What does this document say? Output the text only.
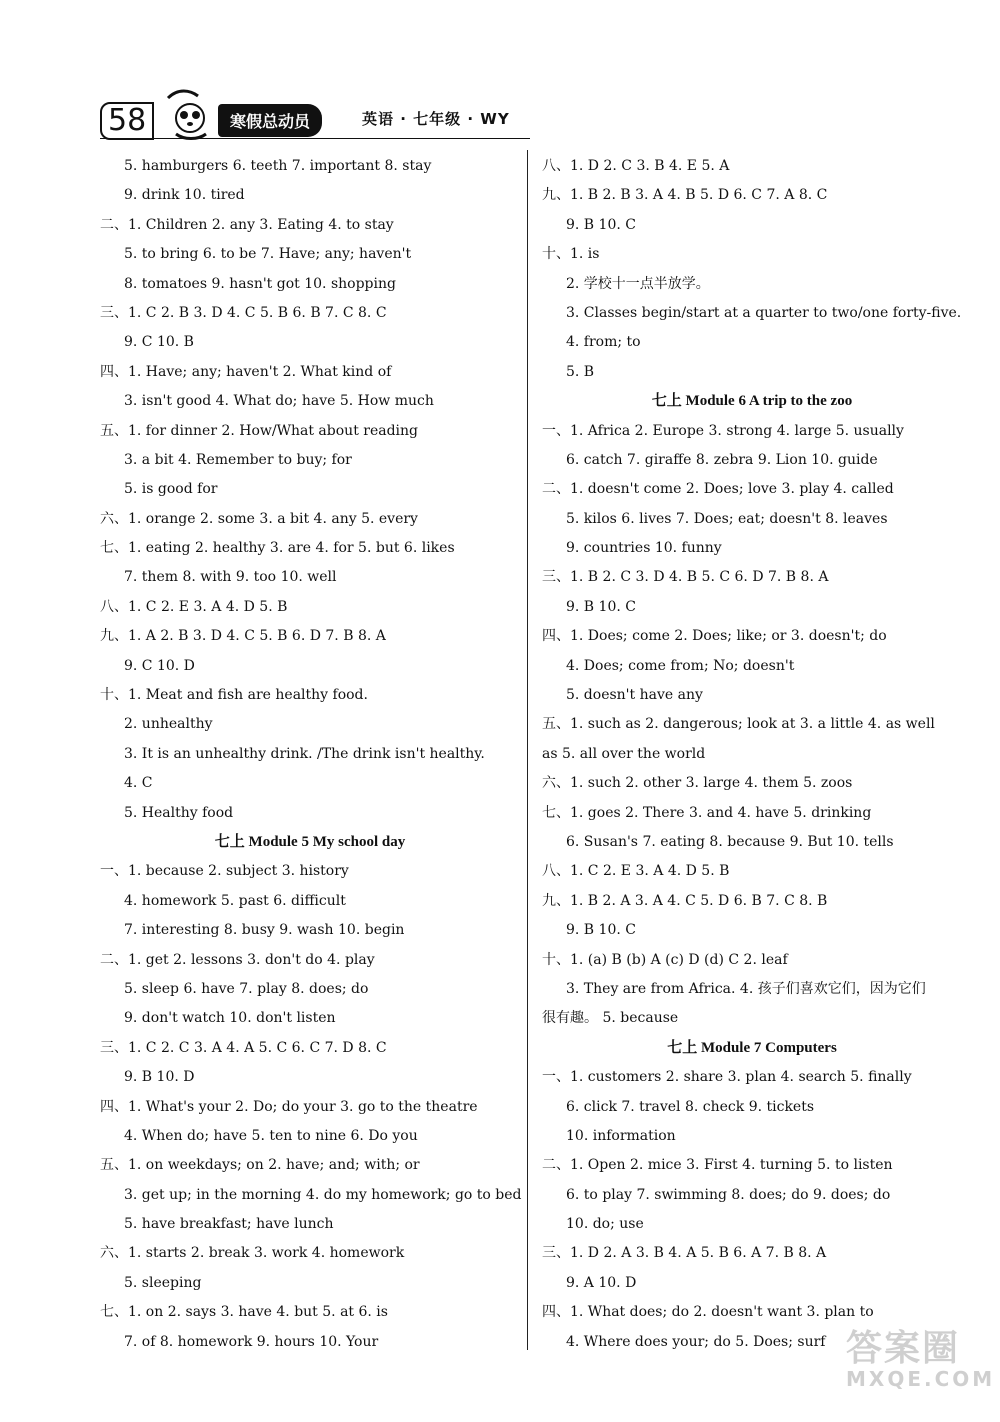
58	寒假总动员	英语 · 七年级 · WY
5. hamburgers 6. teeth 7. important 8. stay
9. drink 10. tired
二、1. Children 2. any 3. Eating 4. to stay
5. to bring 6. to be 7. Have; any; haven't
8. tomatoes 9. hasn't got 10. shopping
三、1. C 2. B 3. D 4. C 5. B 6. B 7. C 8. C
9. C 10. B
四、1. Have; any; haven't 2. What kind of
3. isn't good 4. What do; have 5. How much
五、1. for dinner 2. How/What about reading
3. a bit 4. Remember to buy; for
5. is good for
六、1. orange 2. some 3. a bit 4. any 5. every
七、1. eating 2. healthy 3. are 4. for 5. but 6. likes
7. them 8. with 9. too 10. well
八、1. C 2. E 3. A 4. D 5. B
九、1. A 2. B 3. D 4. C 5. B 6. D 7. B 8. A
9. C 10. D
十、1. Meat and fish are healthy food.
2. unhealthy
3. It is an unhealthy drink. /The drink isn't healthy.
4. C
5. Healthy food
七上 Module 5 My school day
一、1. because 2. subject 3. history
4. homework 5. past 6. difficult
7. interesting 8. busy 9. wash 10. begin
二、1. get 2. lessons 3. don't do 4. play
5. sleep 6. have 7. play 8. does; do
9. don't watch 10. don't listen
三、1. C 2. C 3. A 4. A 5. C 6. C 7. D 8. C
9. B 10. D
四、1. What's your 2. Do; do your 3. go to the theatre
4. When do; have 5. ten to nine 6. Do you
五、1. on weekdays; on 2. have; and; with; or
3. get up; in the morning 4. do my homework; go to bed
5. have breakfast; have lunch
六、1. starts 2. break 3. work 4. homework
5. sleeping
七、1. on 2. says 3. have 4. but 5. at 6. is
7. of 8. homework 9. hours 10. Your
八、1. D 2. C 3. B 4. E 5. A
九、1. B 2. B 3. A 4. B 5. D 6. C 7. A 8. C
9. B 10. C
十、1. is
2. 学校十一点半放学。
3. Classes begin/start at a quarter to two/one forty-five.
4. from; to
5. B
七上 Module 6 A trip to the zoo
一、1. Africa 2. Europe 3. strong 4. large 5. usually
6. catch 7. giraffe 8. zebra 9. Lion 10. guide
二、1. doesn't come 2. Does; love 3. play 4. called
5. kilos 6. lives 7. Does; eat; doesn't 8. leaves
9. countries 10. funny
三、1. B 2. C 3. D 4. B 5. C 6. D 7. B 8. A
9. B 10. C
四、1. Does; come 2. Does; like; or 3. doesn't; do
4. Does; come from; No; doesn't
5. doesn't have any
五、1. such as 2. dangerous; look at 3. a little 4. as well
as 5. all over the world
六、1. such 2. other 3. large 4. them 5. zoos
七、1. goes 2. There 3. and 4. have 5. drinking
6. Susan's 7. eating 8. because 9. But 10. tells
八、1. C 2. E 3. A 4. D 5. B
九、1. B 2. A 3. A 4. C 5. D 6. B 7. C 8. B
9. B 10. C
十、1. (a) B (b) A (c) D (d) C 2. leaf
3. They are from Africa. 4. 孩子们喜欢它们，因为它们
很有趣。 5. because
七上 Module 7 Computers
一、1. customers 2. share 3. plan 4. search 5. finally
6. click 7. travel 8. check 9. tickets
10. information
二、1. Open 2. mice 3. First 4. turning 5. to listen
6. to play 7. swimming 8. does; do 9. does; do
10. do; use
三、1. D 2. A 3. B 4. A 5. B 6. A 7. B 8. A
9. A 10. D
四、1. What does; do 2. doesn't want 3. plan to
4. Where does your; do 5. Does; surf 答案圈
MXQE.COM
